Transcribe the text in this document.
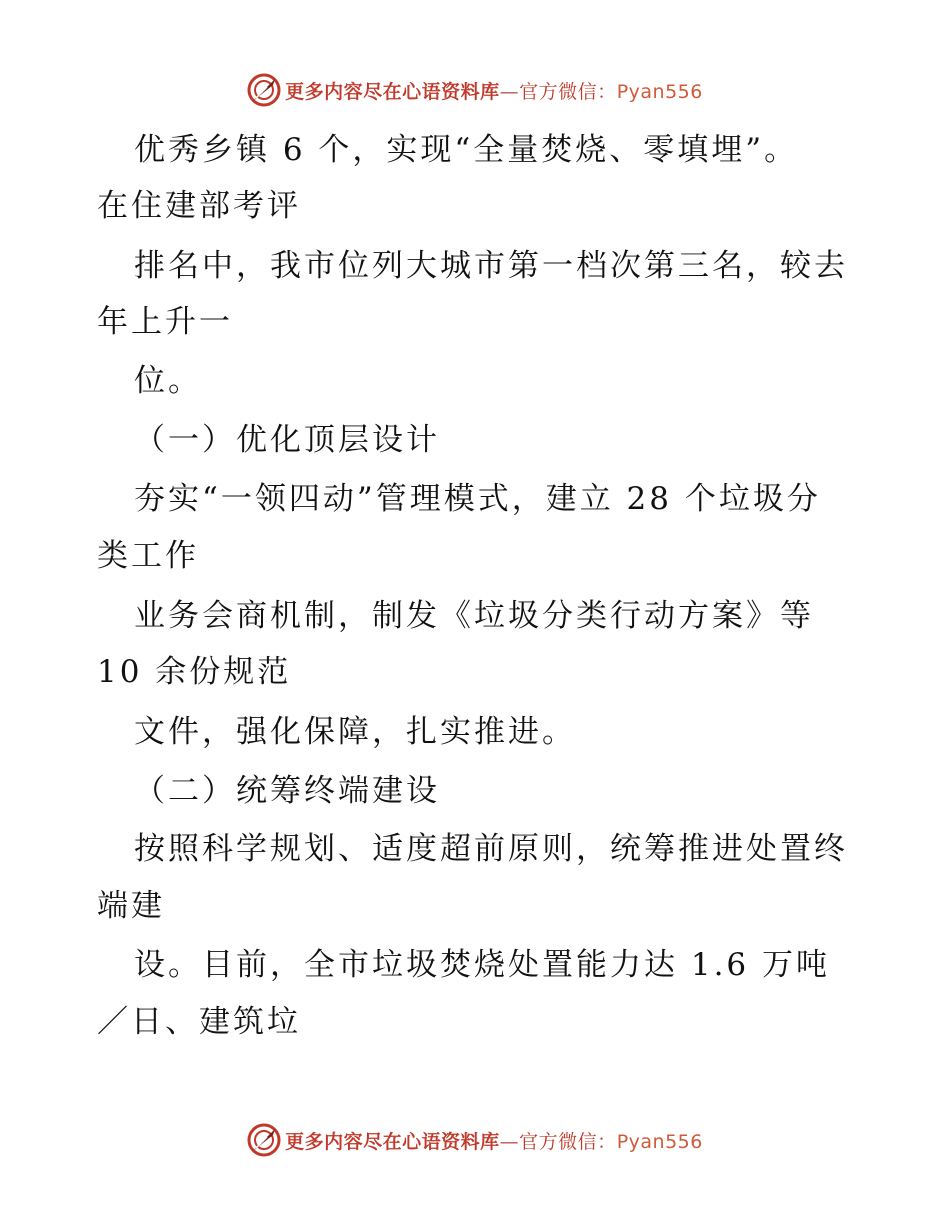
更多内容尽在心语资料库—官方微信：Pyan556
优秀乡镇 6 个，实现“全量焚烧、零填埋”。
在住建部考评
排名中，我市位列大城市第一档次第三名，较去
年上升一
位。
（一）优化顶层设计
夯实“一领四动”管理模式，建立 28 个垃圾分
类工作
业务会商机制，制发《垃圾分类行动方案》等
10 余份规范
文件，强化保障，扎实推进。
（二）统筹终端建设
按照科学规划、适度超前原则，统筹推进处置终
端建
设。目前，全市垃圾焚烧处置能力达 1.6 万吨
／日、建筑垃
更多内容尽在心语资料库—官方微信：Pyan556
